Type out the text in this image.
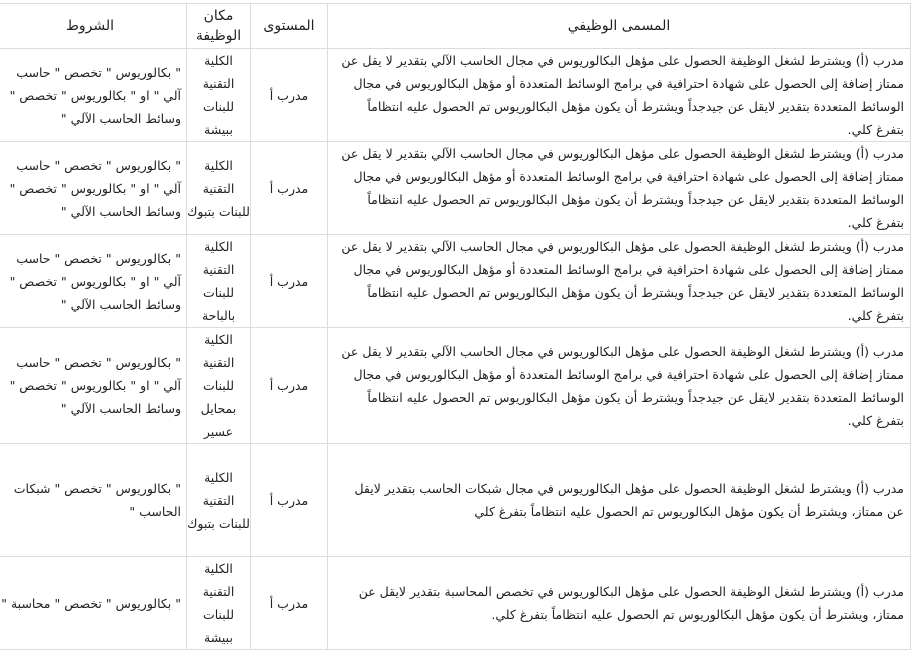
المسمى الوظيفي	المستوى	مكان الوظيفة	الشروط
مدرب (أ) ويشترط لشغل الوظيفة الحصول على مؤهل البكالوريوس في مجال الحاسب الآلي بتقدير لا يقل عن ممتاز إضافة إلى الحصول على شهادة احترافية في برامج الوسائط المتعددة أو مؤهل البكالوريوس في مجال الوسائط المتعددة بتقدير لايقل عن جيدجداً ويشترط أن يكون مؤهل البكالوريوس تم الحصول عليه انتظاماً بتفرغ كلي.	مدرب أ	الكلية التقنية للبنات ببيشة	" بكالوريوس " تخصص " حاسب آلي " او " بكالوريوس " تخصص " وسائط الحاسب الآلي "
مدرب (أ) ويشترط لشغل الوظيفة الحصول على مؤهل البكالوريوس في مجال الحاسب الآلي بتقدير لا يقل عن ممتاز إضافة إلى الحصول على شهادة احترافية في برامج الوسائط المتعددة أو مؤهل البكالوريوس في مجال الوسائط المتعددة بتقدير لايقل عن جيدجداً ويشترط أن يكون مؤهل البكالوريوس تم الحصول عليه انتظاماً بتفرغ كلي.	مدرب أ	الكلية التقنية للبنات بتبوك	" بكالوريوس " تخصص " حاسب آلي " او " بكالوريوس " تخصص " وسائط الحاسب الآلي "
مدرب (أ) ويشترط لشغل الوظيفة الحصول على مؤهل البكالوريوس في مجال الحاسب الآلي بتقدير لا يقل عن ممتاز إضافة إلى الحصول على شهادة احترافية في برامج الوسائط المتعددة أو مؤهل البكالوريوس في مجال الوسائط المتعددة بتقدير لايقل عن جيدجداً ويشترط أن يكون مؤهل البكالوريوس تم الحصول عليه انتظاماً بتفرغ كلي.	مدرب أ	الكلية التقنية للبنات بالباحة	" بكالوريوس " تخصص " حاسب آلي " او " بكالوريوس " تخصص " وسائط الحاسب الآلي "
مدرب (أ) ويشترط لشغل الوظيفة الحصول على مؤهل البكالوريوس في مجال الحاسب الآلي بتقدير لا يقل عن ممتاز إضافة إلى الحصول على شهادة احترافية في برامج الوسائط المتعددة أو مؤهل البكالوريوس في مجال الوسائط المتعددة بتقدير لايقل عن جيدجداً ويشترط أن يكون مؤهل البكالوريوس تم الحصول عليه انتظاماً بتفرغ كلي.	مدرب أ	الكلية التقنية للبنات بمحايل عسير	" بكالوريوس " تخصص " حاسب آلي " او " بكالوريوس " تخصص " وسائط الحاسب الآلي "
مدرب (أ) ويشترط لشغل الوظيفة الحصول على مؤهل البكالوريوس في مجال شبكات الحاسب بتقدير لايقل عن ممتاز، ويشترط أن يكون مؤهل البكالوريوس تم الحصول عليه انتظاماً بتفرغ كلي	مدرب أ	الكلية التقنية للبنات بتبوك	" بكالوريوس " تخصص " شبكات الحاسب "
مدرب (أ) ويشترط لشغل الوظيفة الحصول على مؤهل البكالوريوس في تخصص المحاسبة بتقدير لايقل عن ممتاز، ويشترط أن يكون مؤهل البكالوريوس تم الحصول عليه انتظاماً بتفرغ كلي.	مدرب أ	الكلية التقنية للبنات ببيشة	" بكالوريوس " تخصص " محاسبة "
